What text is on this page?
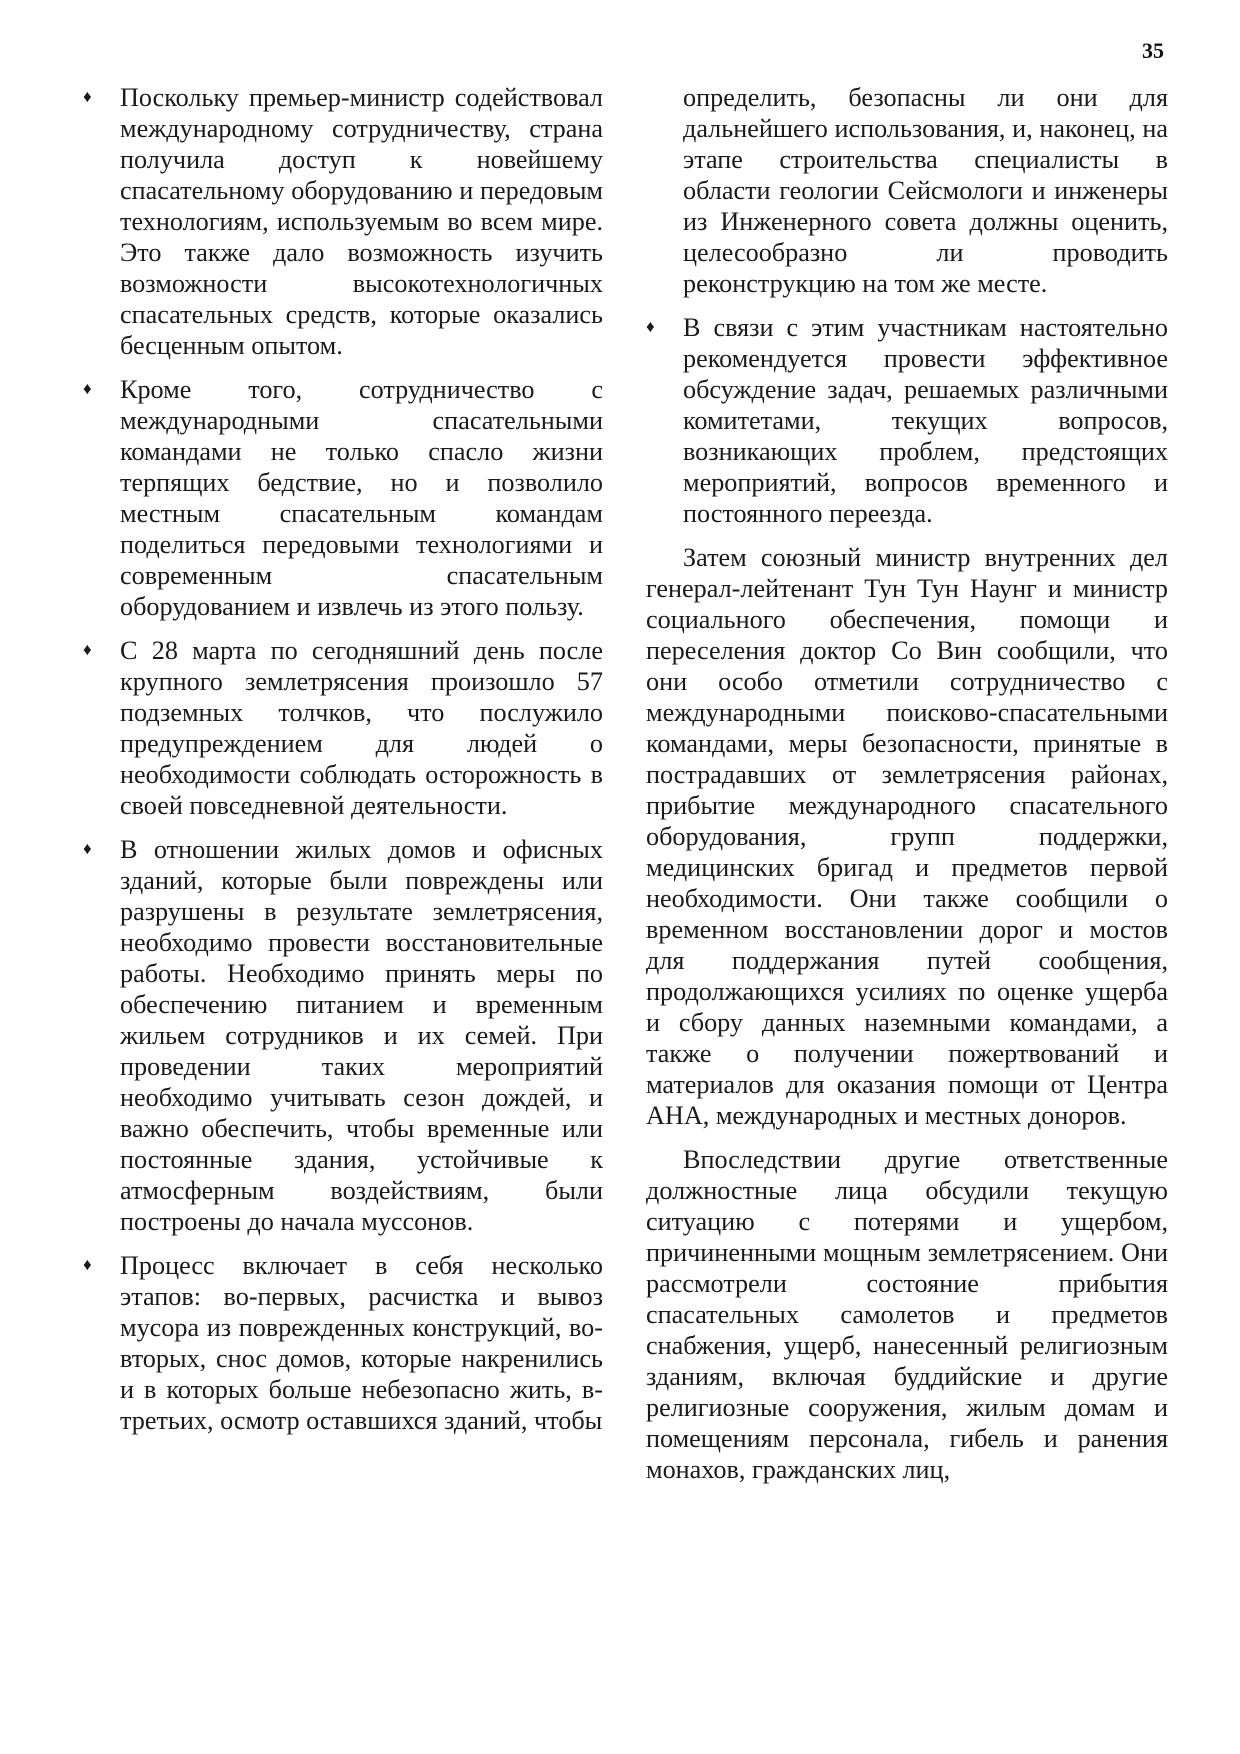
35
♦ Поскольку премьер-министр содействовал международному сотрудничеству, страна получила доступ к новейшему спасательному оборудованию и передовым технологиям, используемым во всем мире. Это также дало возможность изучить возможности высокотехнологичных спасательных средств, которые оказались бесценным опытом.
♦ Кроме того, сотрудничество с международными спасательными командами не только спасло жизни терпящих бедствие, но и позволило местным спасательным командам поделиться передовыми технологиями и современным спасательным оборудованием и извлечь из этого пользу.
♦ С 28 марта по сегодняшний день после крупного землетрясения произошло 57 подземных толчков, что послужило предупреждением для людей о необходимости соблюдать осторожность в своей повседневной деятельности.
♦ В отношении жилых домов и офисных зданий, которые были повреждены или разрушены в результате землетрясения, необходимо провести восстановительные работы. Необходимо принять меры по обеспечению питанием и временным жильем сотрудников и их семей. При проведении таких мероприятий необходимо учитывать сезон дождей, и важно обеспечить, чтобы временные или постоянные здания, устойчивые к атмосферным воздействиям, были построены до начала муссонов.
♦ Процесс включает в себя несколько этапов: во-первых, расчистка и вывоз мусора из поврежденных конструкций, во-вторых, снос домов, которые накренились и в которых больше небезопасно жить, в-третьих, осмотр оставшихся зданий, чтобы
определить, безопасны ли они для дальнейшего использования, и, наконец, на этапе строительства специалисты в области геологии Сейсмологи и инженеры из Инженерного совета должны оценить, целесообразно ли проводить реконструкцию на том же месте.
♦ В связи с этим участникам настоятельно рекомендуется провести эффективное обсуждение задач, решаемых различными комитетами, текущих вопросов, возникающих проблем, предстоящих мероприятий, вопросов временного и постоянного переезда.

Затем союзный министр внутренних дел генерал-лейтенант Тун Тун Наунг и министр социального обеспечения, помощи и переселения доктор Со Вин сообщили, что они особо отметили сотрудничество с международными поисково-спасательными командами, меры безопасности, принятые в пострадавших от землетрясения районах, прибытие международного спасательного оборудования, групп поддержки, медицинских бригад и предметов первой необходимости. Они также сообщили о временном восстановлении дорог и мостов для поддержания путей сообщения, продолжающихся усилиях по оценке ущерба и сбору данных наземными командами, а также о получении пожертвований и материалов для оказания помощи от Центра АНА, международных и местных доноров.

Впоследствии другие ответственные должностные лица обсудили текущую ситуацию с потерями и ущербом, причиненными мощным землетрясением. Они рассмотрели состояние прибытия спасательных самолетов и предметов снабжения, ущерб, нанесенный религиозным зданиям, включая буддийские и другие религиозные сооружения, жилым домам и помещениям персонала, гибель и ранения монахов, гражданских лиц,
